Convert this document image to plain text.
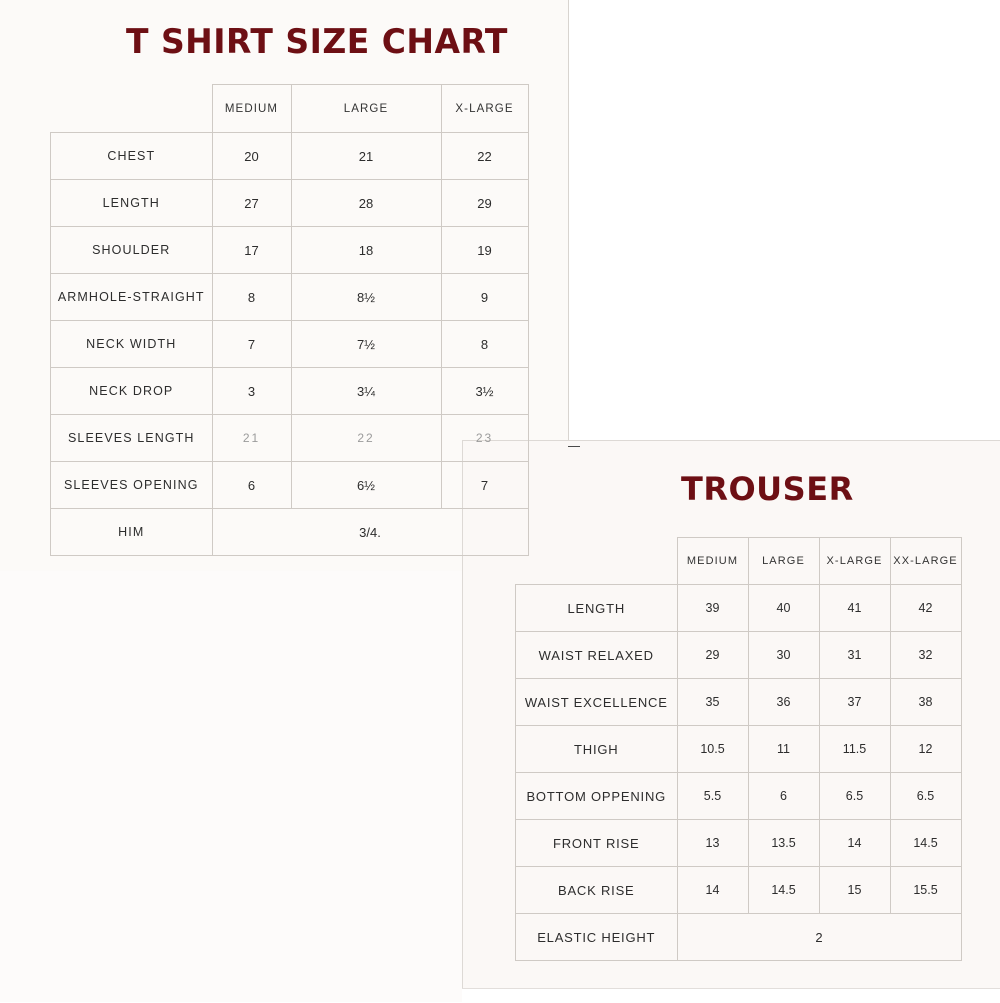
T SHIRT SIZE CHART
	MEDIUM	LARGE	X-LARGE
CHEST	20	21	22
LENGTH	27	28	29
SHOULDER	17	18	19
ARMHOLE-STRAIGHT	8	8½	9
NECK WIDTH	7	7½	8
NECK DROP	3	3¼	3½
SLEEVES LENGTH	21	22	23
SLEEVES OPENING	6	6½	7
HIM	3/4.		
TROUSER
	MEDIUM	LARGE	X-LARGE	XX-LARGE
LENGTH	39	40	41	42
WAIST RELAXED	29	30	31	32
WAIST EXCELLENCE	35	36	37	38
THIGH	10.5	11	11.5	12
BOTTOM OPPENING	5.5	6	6.5	6.5
FRONT RISE	13	13.5	14	14.5
BACK RISE	14	14.5	15	15.5
ELASTIC HEIGHT	2			
